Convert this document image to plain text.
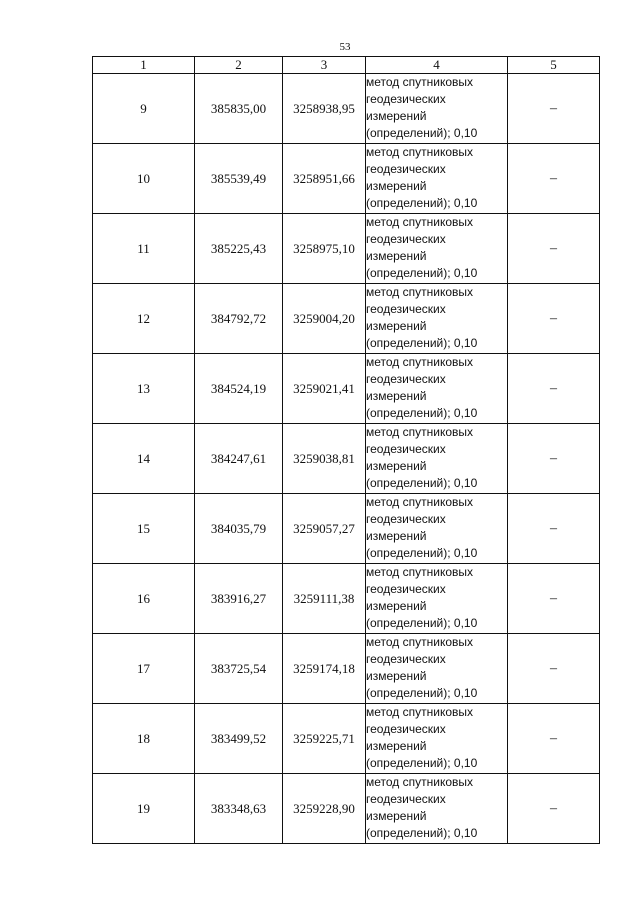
53
1	2	3	4	5
9	385835,00	3258938,95	метод спутниковых
геодезических
измерений
(определений); 0,10	–
10	385539,49	3258951,66	метод спутниковых
геодезических
измерений
(определений); 0,10	–
11	385225,43	3258975,10	метод спутниковых
геодезических
измерений
(определений); 0,10	–
12	384792,72	3259004,20	метод спутниковых
геодезических
измерений
(определений); 0,10	–
13	384524,19	3259021,41	метод спутниковых
геодезических
измерений
(определений); 0,10	–
14	384247,61	3259038,81	метод спутниковых
геодезических
измерений
(определений); 0,10	–
15	384035,79	3259057,27	метод спутниковых
геодезических
измерений
(определений); 0,10	–
16	383916,27	3259111,38	метод спутниковых
геодезических
измерений
(определений); 0,10	–
17	383725,54	3259174,18	метод спутниковых
геодезических
измерений
(определений); 0,10	–
18	383499,52	3259225,71	метод спутниковых
геодезических
измерений
(определений); 0,10	–
19	383348,63	3259228,90	метод спутниковых
геодезических
измерений
(определений); 0,10	–
